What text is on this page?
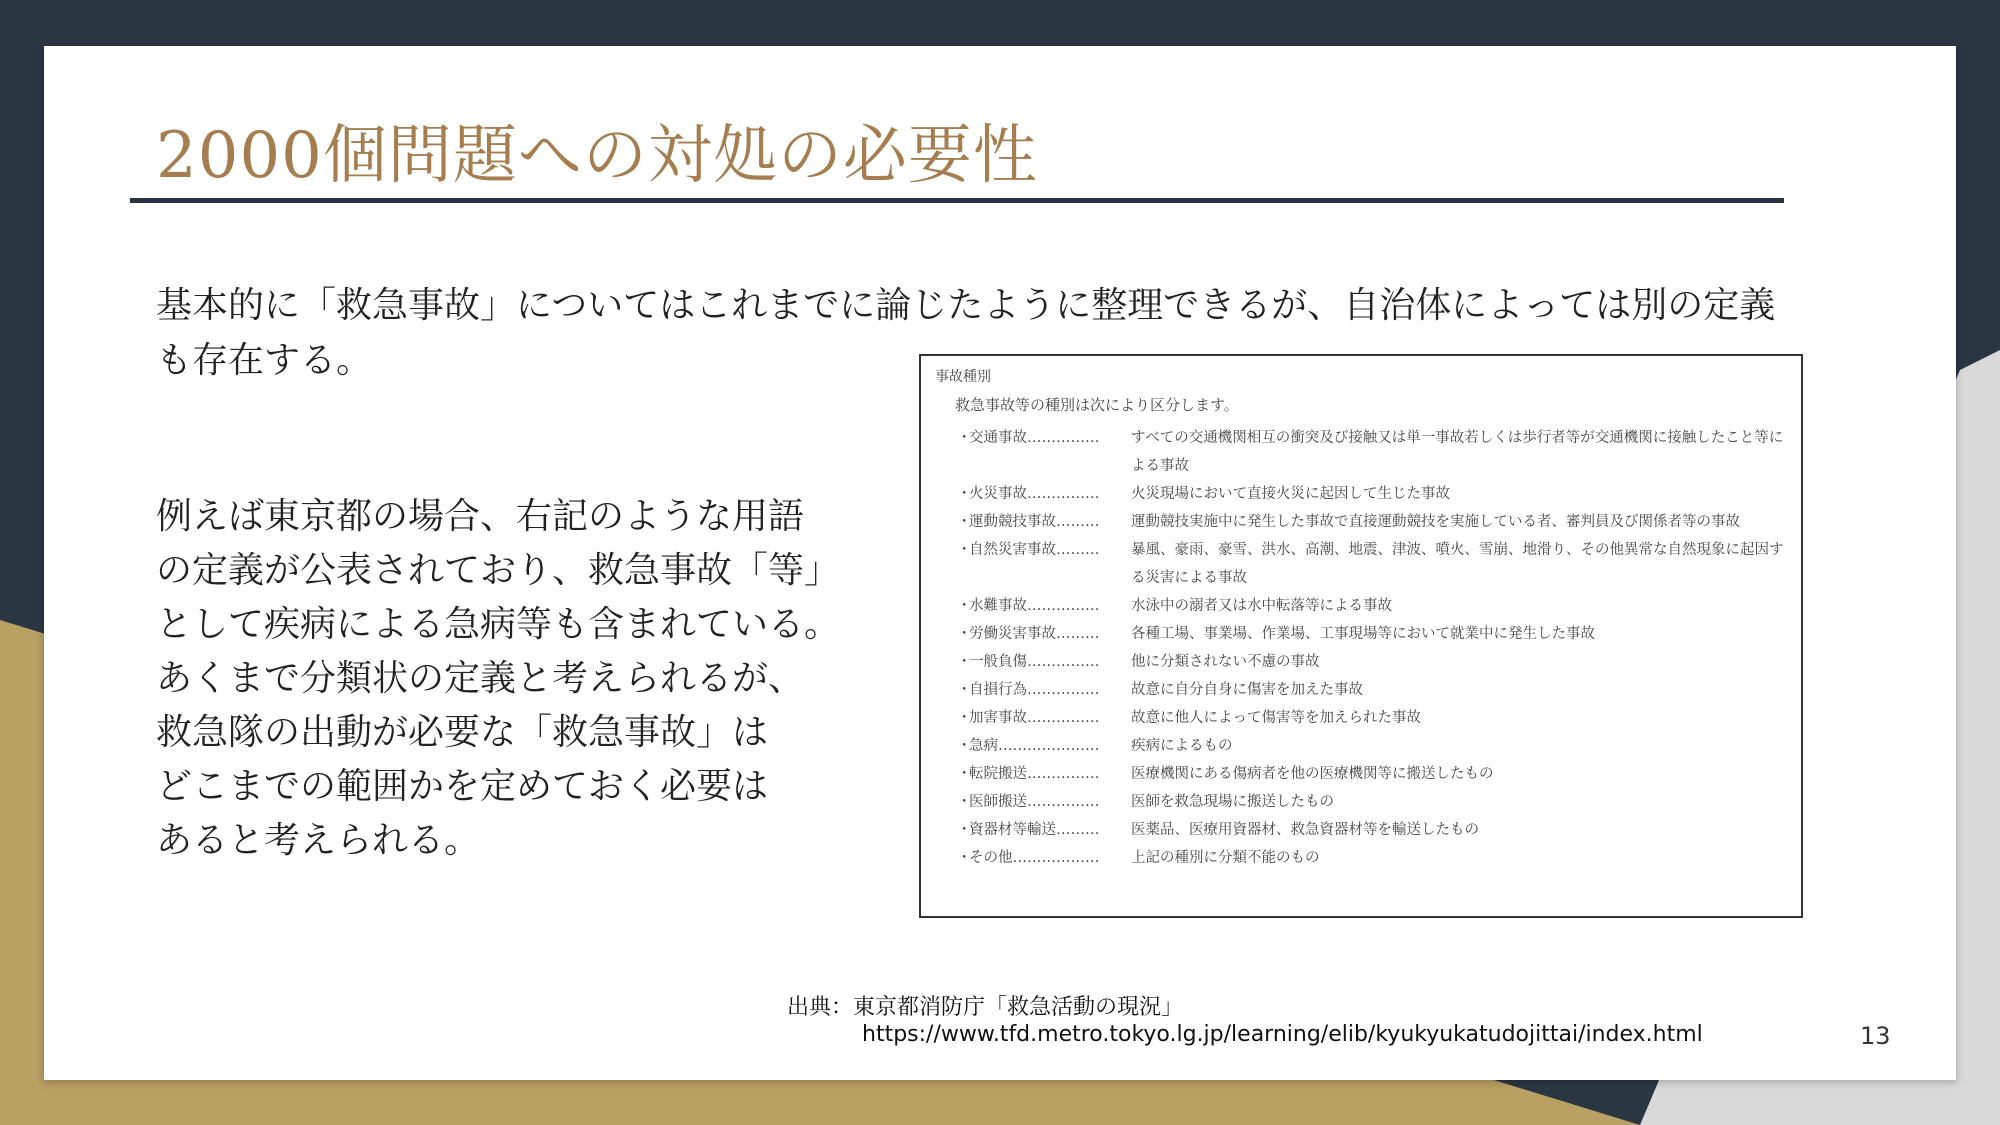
2000個問題への対処の必要性
基本的に「救急事故」についてはこれまでに論じたように整理できるが、自治体によっては別の定義も存在する。
例えば東京都の場合、右記のような用語
の定義が公表されており、救急事故「等」
として疾病による急病等も含まれている。
あくまで分類状の定義と考えられるが、
救急隊の出動が必要な「救急事故」は
どこまでの範囲かを定めておく必要は
あると考えられる。
事故種別
救急事故等の種別は次により区分します。
・交通事故……………	すべての交通機関相互の衝突及び接触又は単一事故若しくは歩行者等が交通機関に接触したこと等による事故
・火災事故……………	火災現場において直接火災に起因して生じた事故
・運動競技事故………	運動競技実施中に発生した事故で直接運動競技を実施している者、審判員及び関係者等の事故
・自然災害事故………	暴風、豪雨、豪雪、洪水、高潮、地震、津波、噴火、雪崩、地滑り、その他異常な自然現象に起因する災害による事故
・水難事故……………	水泳中の溺者又は水中転落等による事故
・労働災害事故………	各種工場、事業場、作業場、工事現場等において就業中に発生した事故
・一般負傷……………	他に分類されない不慮の事故
・自損行為……………	故意に自分自身に傷害を加えた事故
・加害事故……………	故意に他人によって傷害等を加えられた事故
・急病…………………	疾病によるもの
・転院搬送……………	医療機関にある傷病者を他の医療機関等に搬送したもの
・医師搬送……………	医師を救急現場に搬送したもの
・資器材等輸送………	医薬品、医療用資器材、救急資器材等を輸送したもの
・その他………………	上記の種別に分類不能のもの
出典：東京都消防庁「救急活動の現況」
https://www.tfd.metro.tokyo.lg.jp/learning/elib/kyukyukatudojittai/index.html	13
